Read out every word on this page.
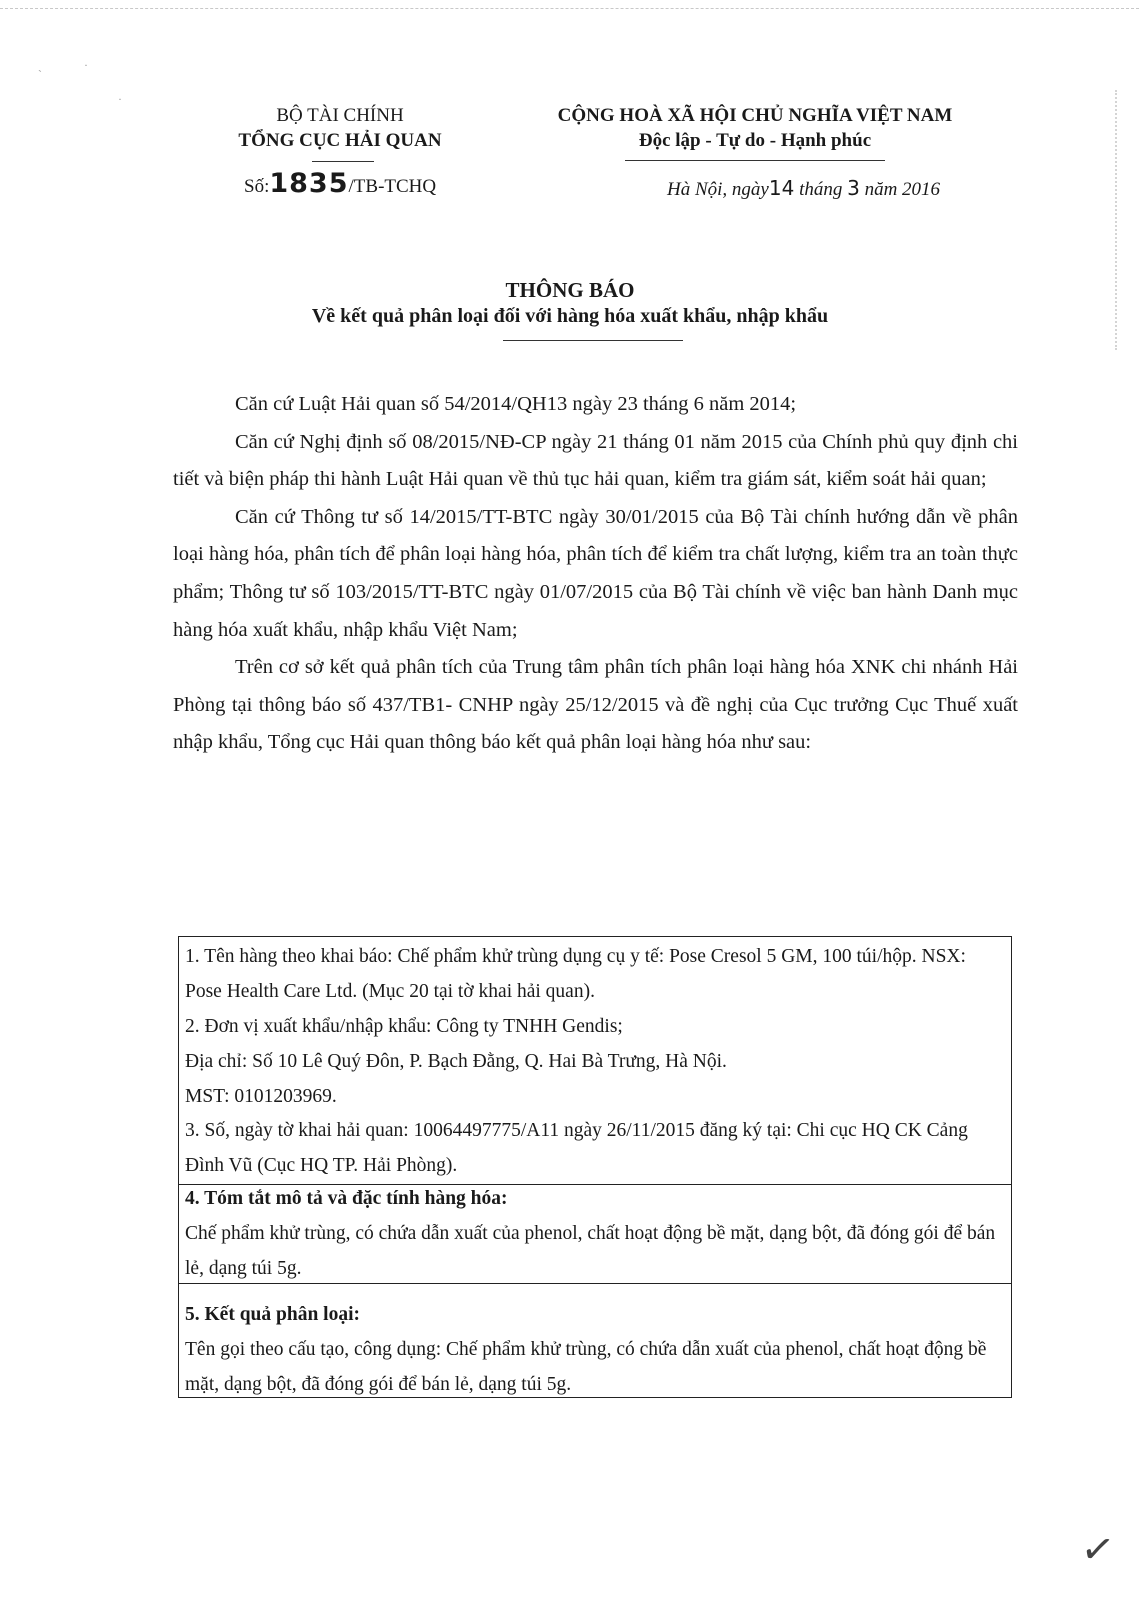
˴	·
·
BỘ TÀI CHÍNH
TỔNG CỤC HẢI QUAN
Số:1835/TB-TCHQ
CỘNG HOÀ XÃ HỘI CHỦ NGHĨA VIỆT NAM
Độc lập - Tự do - Hạnh phúc
Hà Nội, ngày14 tháng 3 năm 2016
THÔNG BÁO
Về kết quả phân loại đối với hàng hóa xuất khẩu, nhập khẩu

Căn cứ Luật Hải quan số 54/2014/QH13 ngày 23 tháng 6 năm 2014;

Căn cứ Nghị định số 08/2015/NĐ-CP ngày 21 tháng 01 năm 2015 của Chính phủ quy định chi tiết và biện pháp thi hành Luật Hải quan về thủ tục hải quan, kiểm tra giám sát, kiểm soát hải quan;

Căn cứ Thông tư số 14/2015/TT-BTC ngày 30/01/2015 của Bộ Tài chính hướng dẫn về phân loại hàng hóa, phân tích để phân loại hàng hóa, phân tích để kiểm tra chất lượng, kiểm tra an toàn thực phẩm; Thông tư số 103/2015/TT-BTC ngày 01/07/2015 của Bộ Tài chính về việc ban hành Danh mục hàng hóa xuất khẩu, nhập khẩu Việt Nam;

Trên cơ sở kết quả phân tích của Trung tâm phân tích phân loại hàng hóa XNK chi nhánh Hải Phòng tại thông báo số 437/TB1- CNHP ngày 25/12/2015 và đề nghị của Cục trưởng Cục Thuế xuất nhập khẩu, Tổng cục Hải quan thông báo kết quả phân loại hàng hóa như sau:

1. Tên hàng theo khai báo: Chế phẩm khử trùng dụng cụ y tế: Pose Cresol 5 GM, 100 túi/hộp. NSX: Pose Health Care Ltd. (Mục 20 tại tờ khai hải quan).
2. Đơn vị xuất khẩu/nhập khẩu: Công ty TNHH Gendis;
Địa chỉ: Số 10 Lê Quý Đôn, P. Bạch Đằng, Q. Hai Bà Trưng, Hà Nội.
MST: 0101203969.
3. Số, ngày tờ khai hải quan: 10064497775/A11 ngày 26/11/2015 đăng ký tại: Chi cục HQ CK Cảng Đình Vũ (Cục HQ TP. Hải Phòng).
4. Tóm tắt mô tả và đặc tính hàng hóa:
Chế phẩm khử trùng, có chứa dẫn xuất của phenol, chất hoạt động bề mặt, dạng bột, đã đóng gói để bán lẻ, dạng túi 5g.
5. Kết quả phân loại:
Tên gọi theo cấu tạo, công dụng: Chế phẩm khử trùng, có chứa dẫn xuất của phenol, chất hoạt động bề mặt, dạng bột, đã đóng gói để bán lẻ, dạng túi 5g.
✓
